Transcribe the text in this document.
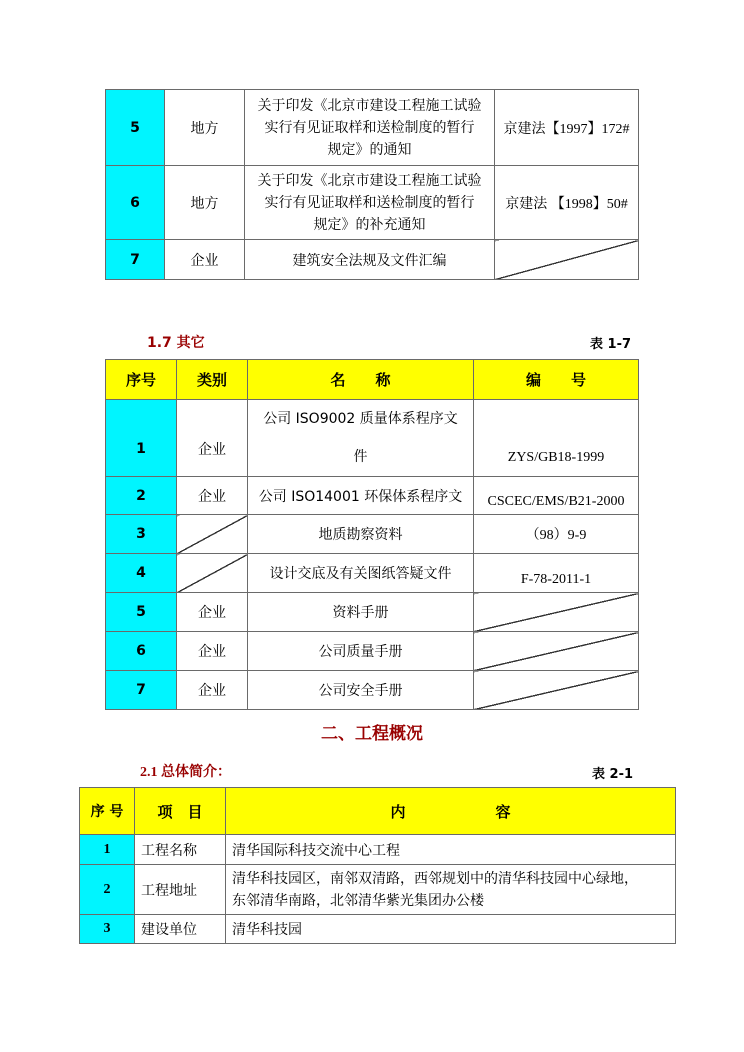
5	地方	关于印发《北京市建设工程施工试验
实行有见证取样和送检制度的暂行
规定》的通知	京建法【1997】172#
6	地方	关于印发《北京市建设工程施工试验
实行有见证取样和送检制度的暂行
规定》的补充通知	京建法 【1998】50#
7	企业	建筑安全法规及文件汇编	
1.7 其它	表 1-7
序号	类别	名　　称	编　　号
1	企业	公司 ISO9002 质量体系程序文
件	ZYS/GB18-1999
2	企业	公司 ISO14001 环保体系程序文	CSCEC/EMS/B21-2000
3		地质勘察资料	（98）9-9
4		设计交底及有关图纸答疑文件	F-78-2011-1
5	企业	资料手册	
6	企业	公司质量手册	
7	企业	公司安全手册	
二、工程概况
2.1 总体简介：	表 2-1
序 号	项　目	内　　　　　　容
1	工程名称	清华国际科技交流中心工程
2	工程地址	清华科技园区，南邻双清路，西邻规划中的清华科技园中心绿地，
东邻清华南路，北邻清华紫光集团办公楼

3	建设单位	清华科技园
